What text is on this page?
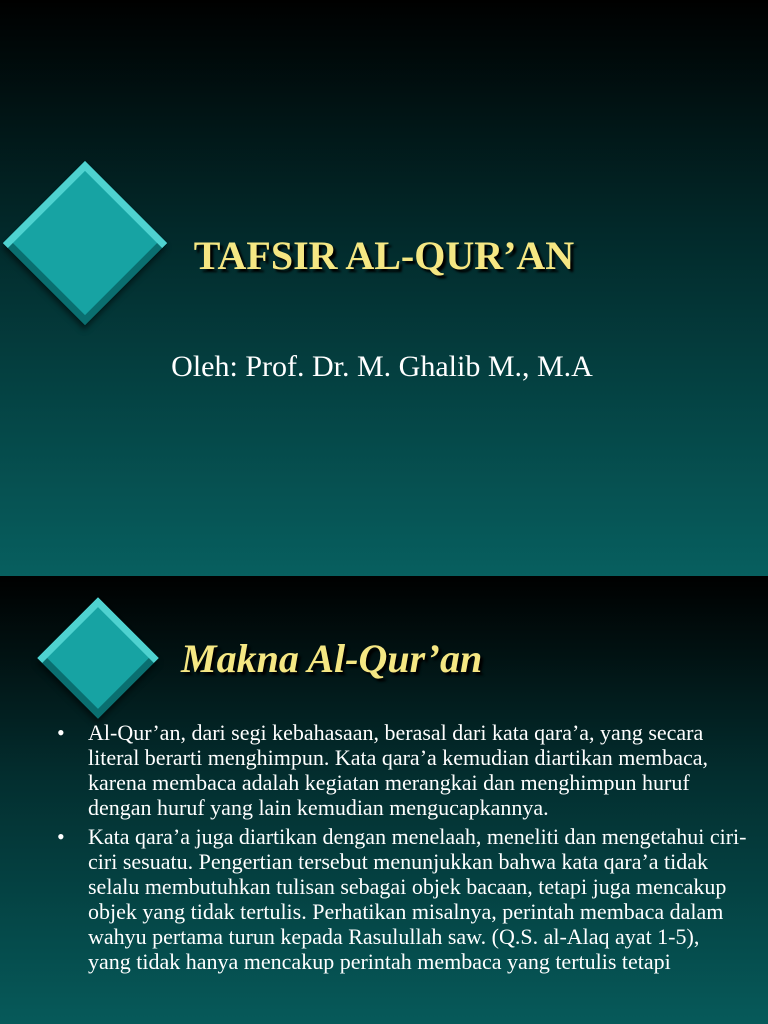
TAFSIR AL-QUR’AN

Oleh: Prof. Dr. M. Ghalib M., M.A

Makna Al-Qur’an
• Al-Qur’an, dari segi kebahasaan, berasal dari kata qara’a, yang secara literal berarti menghimpun. Kata qara’a kemudian diartikan membaca, karena membaca adalah kegiatan merangkai dan menghimpun huruf dengan huruf yang lain kemudian mengucapkannya.
• Kata qara’a juga diartikan dengan menelaah, meneliti dan mengetahui ciri-ciri sesuatu. Pengertian tersebut menunjukkan bahwa kata qara’a tidak selalu membutuhkan tulisan sebagai objek bacaan, tetapi juga mencakup objek yang tidak tertulis. Perhatikan misalnya, perintah membaca dalam wahyu pertama turun kepada Rasulullah saw. (Q.S. al-Alaq ayat 1-5), yang tidak hanya mencakup perintah membaca yang tertulis tetapi
